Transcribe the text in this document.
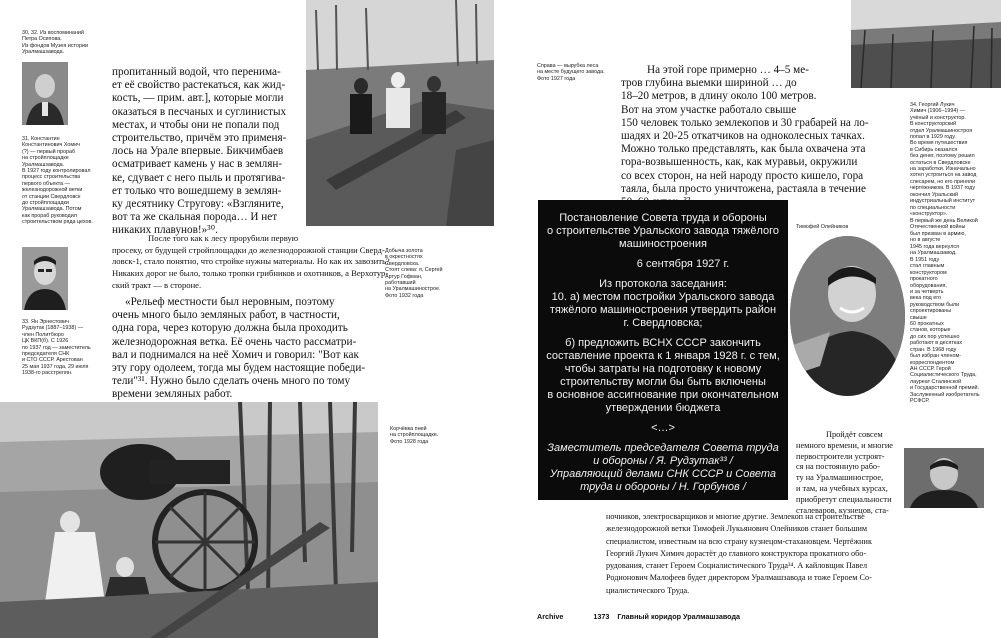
30, 32. Из воспоминаний
Петра Осипова.
Из фондов Музея истории
Уралмашзавода.
31. Константин
Константинович Хомич
(?) — первый прораб
на стройплощадке
Уралмашзавода.
В 1927 году контролировал
процесс строительства
первого объекта —
железнодорожной ветки
от станции Свердловск
до стройплощадки
Уралмашзавода. Потом
как прораб руководил
строительством ряда цехов.
33. Ян Эрнестович
Рудзутак (1887–1938) —
член Политбюро
ЦК ВКП(б). С 1926
по 1937 год — заместитель
председателя СНК
и СТО СССР. Арестован
25 мая 1937 года, 29 июля
1938-го расстрелян.
пропитанный водой, что перенима-
ет её свойство растекаться, как жид-
кость, — прим. авт.], которые могли
оказаться в песчаных и суглинистых
местах, и чтобы они не попали под
строительство, причём это применя-
лось на Урале впервые. Бикчимбаев
осматривает камень у нас в землян-
ке, сдувает с него пыль и протягива-
ет только что вошедшему в землян-
ку десятнику Стругову: «Взгляните,
вот та же скальная порода… И нет
никаких плавунов!»³⁰.
Добыча золота
в окрестностях
Свердловска.
Стоят слева: я, Сергей
Артур Гофман,
работавший
на Уралмашинострое.
Фото 1932 года
После того как к лесу прорубили первую
просеку, от будущей стройплощадки до железнодорожной станции Сверд-
ловск-1, стало понятно, что стройке нужны материалы. Но как их завозить?
Никаких дорог не было, только тропки грибников и охотников, а Верхотур-
ский тракт — в стороне.
«Рельеф местности был неровным, поэтому
очень много было земляных работ, в частности,
одна гора, через которую должна была проходить
железнодорожная ветка. Её очень часто рассматри-
вал и поднимался на неё Хомич и говорил: "Вот как
эту гору одолеем, тогда мы будем настоящие победи-
тели"³¹. Нужно было сделать очень много по тому
времени земляных работ.
Корчёвка пней
на стройплощадке.
Фото 1928 года
Справа — вырубка леса
на месте будущего завода.
Фото 1927 года
На этой горе примерно … 4–5 ме-
тров глубина выемки шириной … до
18–20 метров, в длину около 100 метров.
Вот на этом участке работало свыше
150 человек только землекопов и 30 грабарей на ло-
шадях и 20-25 откатчиков на одноколесных тачках.
Можно только представлять, как была охвачена эта
гора-возвышенность, как, как муравьи, окружили
со всех сторон, на ней народу просто кишело, гора
таяла, была просто уничтожена, растаяла в течение
Постановление Совета труда и обороны
о строительстве Уральского завода тяжёлого
машиностроения
6 сентября 1927 г.
Из протокола заседания:
10. а) местом постройки Уральского завода
тяжёлого машиностроения утвердить район
г. Свердловска;
б) предложить ВСНХ СССР закончить
составление проекта к 1 января 1928 г. с тем,
чтобы затраты на подготовку к новому
строительству могли бы быть включены
в основное ассигнование при окончательном
утверждении бюджета
<…>
Заместитель председателя Совета труда
и обороны / Я. Рудзутак³³ /
Управляющий делами СНК СССР и Совета
труда и обороны / Н. Горбунов /
Тимофей Олейников
34. Георгий Лукич
Химич (1906–1994) —
учёный и конструктор.
В конструкторский
отдел Уралмашиностроя
попал в 1929 году.
Во время путешествия
в Сибирь оказался
без денег, поэтому решил
остаться в Свердловске
на заработки. Изначально
хотел устроиться на завод
слесарем, но его приняли
чертёжником. В 1937 году
окончил Уральский
индустриальный институт
по специальности
«конструктор».
В первый же день Великой
Отечественной войны
был призван в армию,
но в августе
1945 года вернулся
на Уралмашзавод.
В 1951 году
стал главным
конструктором
прокатного
оборудования,
и за четверть
века под его
руководством были
спроектированы
свыше
60 прокатных
станов, которые
до сих пор успешно
работают в десятках
стран. В 1968 году
был избран членом-
корреспондентом
АН СССР. Герой
Социалистического Труда,
лауреат Сталинской
и Государственной премий.
Заслуженный изобретатель
РСФСР.
Пройдёт совсем
немного времени, и многие
первостроители устроят-
ся на постоянную рабо-
ту на Уралмашинострое,
и там, на учебных курсах,
приобретут специальности
сталеваров, кузнецов, ста-
ночников, электросварщиков и многие другие. Землекоп на строительстве
железнодорожной ветки Тимофей Лукьянович Олейников станет большим
специалистом, известным на всю страну кузнецом-стахановцем. Чертёжник
Георгий Лукич Химич дорастёт до главного конструктора прокатного обо-
рудования, станет Героем Социалистического Труда³⁴. А кайловщик Павел
Родионович Малофеев будет директором Уралмашзавода и тоже Героем Со-
циалистического Труда.
Archive	1373 Главный коридор Уралмашзавода
